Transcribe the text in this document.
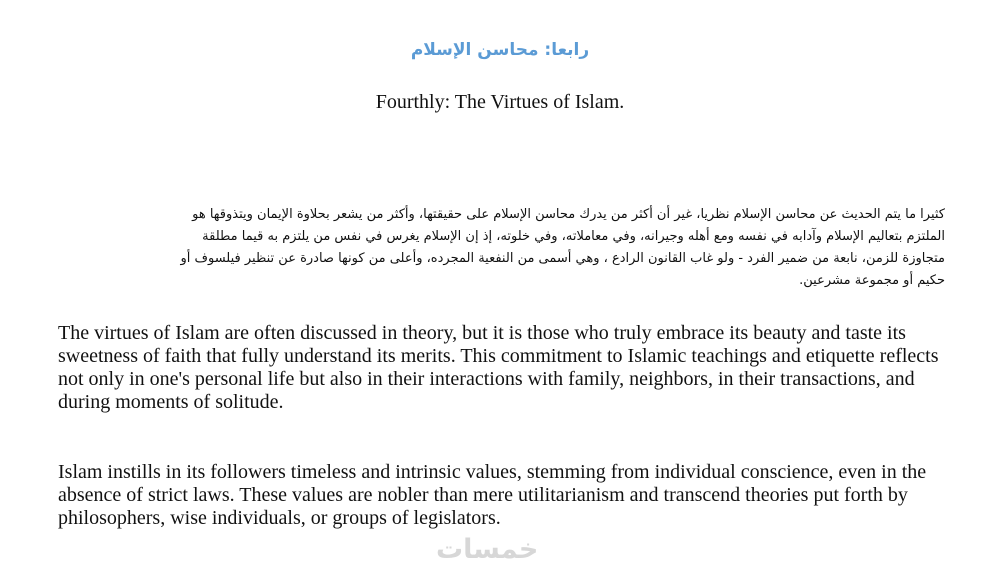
رابعا: محاسن الإسلام
Fourthly: The Virtues of Islam.
كثيرا ما يتم الحديث عن محاسن الإسلام نظريا، غير أن أكثر من يدرك محاسن الإسلام على حقيقتها، وأكثر من يشعر بحلاوة الإيمان ويتذوقها هو الملتزم بتعاليم الإسلام وآدابه في نفسه ومع أهله وجيرانه، وفي معاملاته، وفي خلوته، إذ إن الإسلام يغرس في نفس من يلتزم به قيما مطلقة متجاوزة للزمن، نابعة من ضمير الفرد - ولو غاب القانون الرادع ، وهي أسمى من النفعية المجرده، وأعلى من كونها صادرة عن تنظير فيلسوف أو حكيم أو مجموعة مشرعين.

The virtues of Islam are often discussed in theory, but it is those who truly embrace its beauty and taste its sweetness of faith that fully understand its merits. This commitment to Islamic teachings and etiquette reflects not only in one's personal life but also in their interactions with family, neighbors, in their transactions, and during moments of solitude.

Islam instills in its followers timeless and intrinsic values, stemming from individual conscience, even in the absence of strict laws. These values are nobler than mere utilitarianism and transcend theories put forth by philosophers, wise individuals, or groups of legislators.

خمسات
